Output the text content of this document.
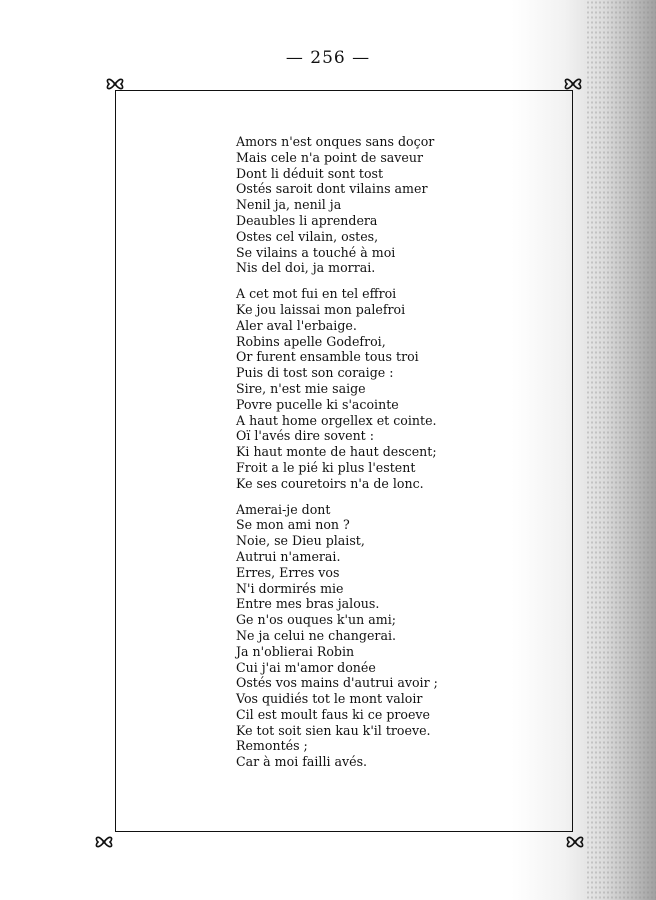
— 256 —
Amors n'est onques sans doçor
Mais cele n'a point de saveur
Dont li déduit sont tost
Ostés saroit dont vilains amer
Nenil ja, nenil ja
Deaubles li aprendera
Ostes cel vilain, ostes,
Se vilains a touché à moi
Nis del doi, ja morrai.
A cet mot fui en tel effroi
Ke jou laissai mon palefroi
Aler aval l'erbaige.
Robins apelle Godefroi,
Or furent ensamble tous troi
Puis di tost son coraige :
Sire, n'est mie saige
Povre pucelle ki s'acointe
A haut home orgellex et cointe.
Oï l'avés dire sovent :
Ki haut monte de haut descent;
Froit a le pié ki plus l'estent
Ke ses couretoirs n'a de lonc.
Amerai-je dont
Se mon ami non ?
Noie, se Dieu plaist,
Autrui n'amerai.
Erres, Erres vos
N'i dormirés mie
Entre mes bras jalous.
Ge n'os ouques k'un ami;
Ne ja celui ne changerai.
Ja n'oblierai Robin
Cui j'ai m'amor donée
Ostés vos mains d'autrui avoir ;
Vos quidiés tot le mont valoir
Cil est moult faus ki ce proeve
Ke tot soit sien kau k'il troeve.
Remontés ;
Car à moi failli avés.
